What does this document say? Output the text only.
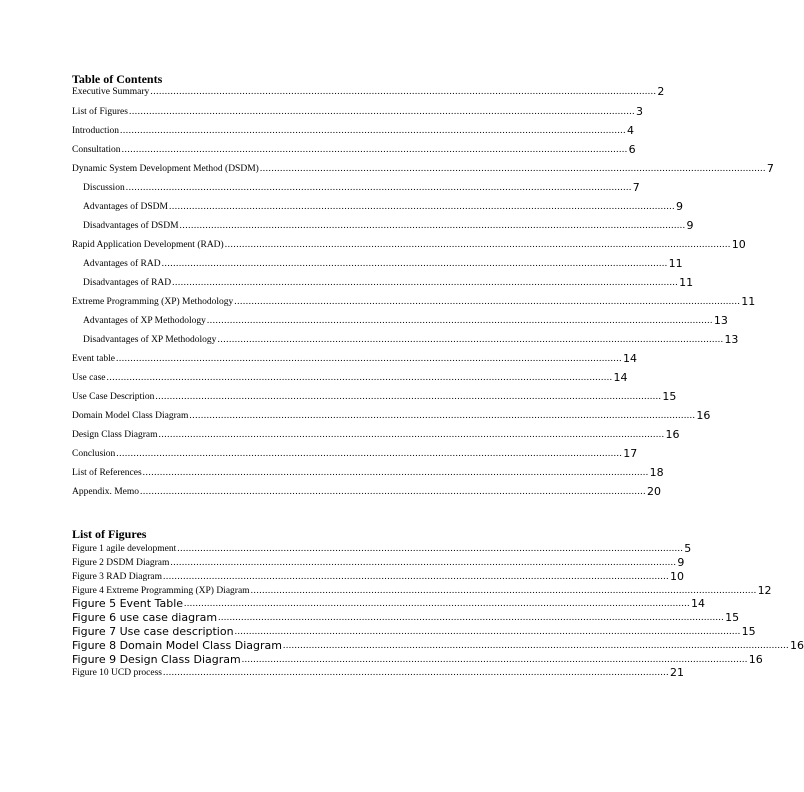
Table of Contents
Executive Summary ................................................................................................................................................................................ 2
List of Figures ................................................................................................................................................................................ 3
Introduction ................................................................................................................................................................................ 4
Consultation ................................................................................................................................................................................ 6
Dynamic System Development Method (DSDM) ................................................................................................................................................................................ 7
Discussion ................................................................................................................................................................................ 7
Advantages of DSDM ................................................................................................................................................................................ 9
Disadvantages of DSDM ................................................................................................................................................................................ 9
Rapid Application Development (RAD) ................................................................................................................................................................................ 10
Advantages of RAD ................................................................................................................................................................................ 11
Disadvantages of RAD ................................................................................................................................................................................ 11
Extreme Programming (XP) Methodology ................................................................................................................................................................................ 11
Advantages of XP Methodology ................................................................................................................................................................................ 13
Disadvantages of XP Methodology ................................................................................................................................................................................ 13
Event table ................................................................................................................................................................................ 14
Use case ................................................................................................................................................................................ 14
Use Case Description ................................................................................................................................................................................ 15
Domain Model Class Diagram ................................................................................................................................................................................ 16
Design Class Diagram ................................................................................................................................................................................ 16
Conclusion ................................................................................................................................................................................ 17
List of References ................................................................................................................................................................................ 18
Appendix. Memo ................................................................................................................................................................................ 20
List of Figures
Figure 1 agile development ................................................................................................................................................................................ 5
Figure 2 DSDM Diagram ................................................................................................................................................................................ 9
Figure 3 RAD Diagram ................................................................................................................................................................................ 10
Figure 4 Extreme Programming (XP) Diagram ................................................................................................................................................................................ 12
Figure 5 Event Table ................................................................................................................................................................................ 14
Figure 6 use case diagram ................................................................................................................................................................................ 15
Figure 7 Use case description ................................................................................................................................................................................ 15
Figure 8 Domain Model Class Diagram ................................................................................................................................................................................ 16
Figure 9 Design Class Diagram ................................................................................................................................................................................ 16
Figure 10 UCD process ................................................................................................................................................................................ 21
